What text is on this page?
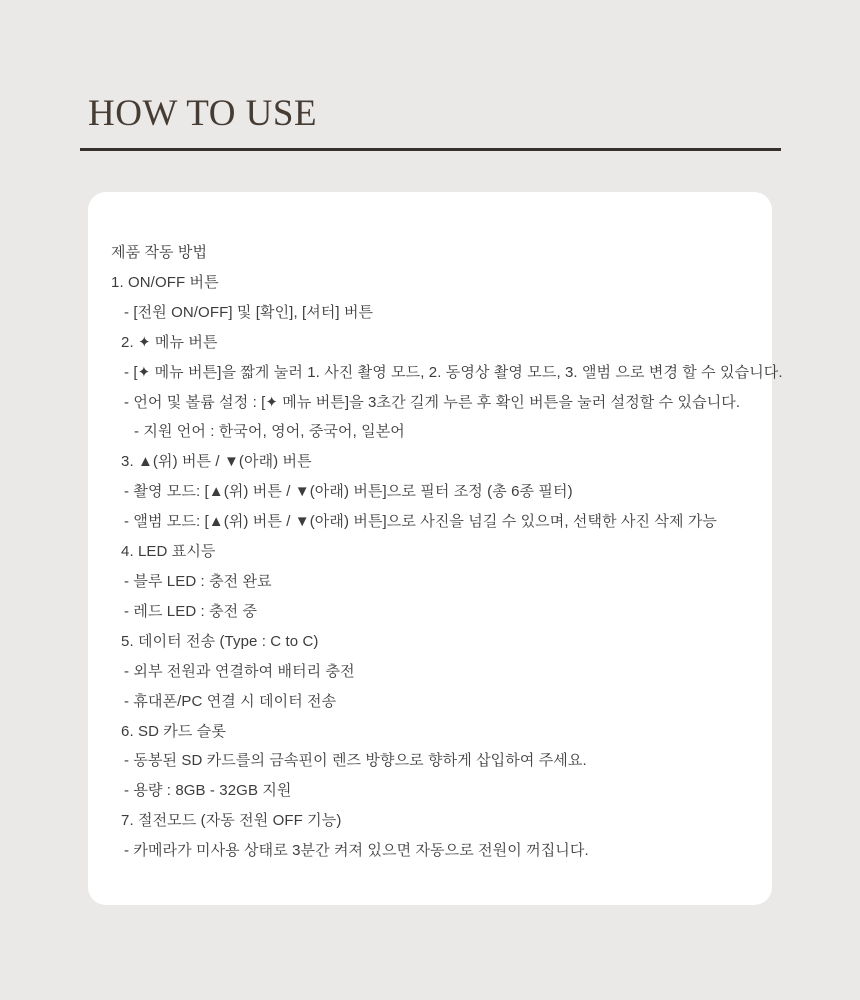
HOW TO USE
제품 작동 방법
1. ON/OFF 버튼
- [전원 ON/OFF] 및 [확인], [셔터] 버튼
2. ✦ 메뉴 버튼
- [✦ 메뉴 버튼]을 짧게 눌러 1. 사진 촬영 모드, 2. 동영상 촬영 모드, 3. 앨범 으로 변경 할 수 있습니다.
- 언어 및 볼륨 설정 : [✦ 메뉴 버튼]을 3초간 길게 누른 후 확인 버튼을 눌러 설정할 수 있습니다.
- 지원 언어 : 한국어, 영어, 중국어, 일본어
3. ▲(위) 버튼 / ▼(아래) 버튼
- 촬영 모드: [▲(위) 버튼 / ▼(아래) 버튼]으로 필터 조정 (총 6종 필터)
- 앨범 모드: [▲(위) 버튼 / ▼(아래) 버튼]으로 사진을 넘길 수 있으며, 선택한 사진 삭제 가능
4. LED 표시등
- 블루 LED : 충전 완료
- 레드 LED : 충전 중
5. 데이터 전송 (Type : C to C)
- 외부 전원과 연결하여 배터리 충전
- 휴대폰/PC 연결 시 데이터 전송
6. SD 카드 슬롯
- 동봉된 SD 카드를의 금속핀이 렌즈 방향으로 향하게 삽입하여 주세요.
- 용량 : 8GB - 32GB 지원
7. 절전모드 (자동 전원 OFF 기능)
- 카메라가 미사용 상태로 3분간 켜져 있으면 자동으로 전원이 꺼집니다.
